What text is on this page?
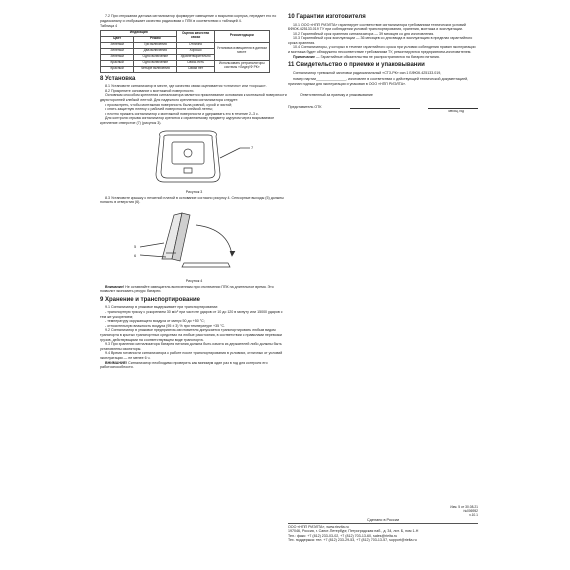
7.2 При отпускании датчика сигнализатор формирует извещение о вскрытии корпуса, передает его по радиоканалу и отображает качество радиосвязи с ППК в соответствии с таблицей 4.

Таблица 4

Индикация		Оценка качества связи	Рекомендации
Цвет	Режим		
Зеленый	Три включения	Отлично	Установка извещателя в данном месте
Зеленый	Два включения	Хорошо	
Зеленый	Одно включение	Удовлетворительно	
Красный	Одно включение	Связь есть	Использовать ретрансляторы системы «Лидер'Ф РК»
Красный	Четыре включения	Связи нет	
8 Установка

8.1 Установите сигнализатор в месте, где качество связи оценивается «отлично» или «хорошо».

8.2 Прикрепите основание к монтажной поверхности.

Основным способом крепления сигнализатора является приклеивание основания к монтажной поверхности двухсторонней клейкой лентой. Для надежного крепления сигнализатора следует:

• просмотреть, чтобы монтажная поверхность была ровной, сухой и чистой;

• снять защитную пленку с рабочей поверхности клейкой ленты;

• плотно прижать сигнализатор к монтажной поверхности и удерживать его в течение 2–3 с.

Для контроля отрыва сигнализатор крепится к охранняемому предмету шурупом через вскрываемое крепление отверстие (7) (рисунок 3).

7
Рисунок 3

8.3 Установите крышку с печатной платой в основание согласно рисунку 4. Сенсорные выходы (5) должны попасть в отверстия (6).

5
6
Рисунок 4

Внимание! Не оставляйте извещатель включенным при отключении ППК на длительное время. Это позволит экономить ресурс батареи.

9 Хранение и транспортирование

9.1 Сигнализатор в упаковке выдерживает при транспортировании:

- транспортную тряску с ускорением 30 м/с² при частоте ударов от 10 до 120 в минуту или 15000 ударов с тем же ускорением;

- температуру окружающего воздуха от минус 50 до +50 °С;

- относительную влажность воздуха (95 ± 3) % при температуре +35 °С.

9.2 Сигнализатор в упаковке предприятия-изготовителя допускается транспортировать любым видом транспорта в крытых транспортных средствах на любые расстояния, в соответствии с правилами перевозки грузов, действующими на соответствующем виде транспорта.

9.3 При хранении сигнализатора батарея питания должна быть изъята из держателей либо должны быть установлены изоляторы.

9.4 Время готовности сигнализатора к работе после транспортирования в условиях, отличных от условий эксплуатации — не менее 6 ч.

ВНИМАНИЕ! Сигнализатор необходимо проверить как минимум один раз в год для контроля его работоспособности.

10 Гарантии изготовителя

10.1 ООО «НПП РИЭЛТА» гарантирует соответствие сигнализатора требованиям технических условий БФЮК.425133.019 ТУ при соблюдении условий транспортирования, хранения, монтажа и эксплуатации.

10.2 Гарантийный срок хранения сигнализатора — 39 месяцев со дня изготовления.

10.3 Гарантийный срок эксплуатации — 36 месяцев со дня ввода в эксплуатацию в пределах гарантийного срока хранения.

10.4 Сигнализаторы, у которых в течение гарантийного срока при условии соблюдения правил эксплуатации и монтажа будет обнаружено несоответствие требованиям ТУ, ремонтируются предприятием-изготовителем.

Примечание — Гарантийные обязательства не распространяются на батареи питания.

11 Свидетельство о приемке и упаковывании

Сигнализатор тревожной заготовки радиоканальный «СТЗ-РК» исп.1 БФЮК.425133.019,

номер партии_______________, изготовлен в соответствии с действующей технической документацией, признан годным для эксплуатации и упакован в ООО «НПП РИЭЛТА».

Ответственный за приемку и упаковывание

Представитель ОТК

месяц, год

Изм. 5 от 30.08.21
№006952
v.10.1
Сделано в России

ООО «НПП РИЭЛТА», www.riezlta.ru

197046, Россия, г. Санкт-Петербург, Петроградская наб., д. 34, лит. Б, пом 1-Н

Тел.: факс: +7 (812) 233-03-02, +7 (812) 703-13-60, sales@rielta.ru

Тех. поддержка: тел. +7 (812) 233-29-53, +7 (812) 703-13-57, support@rielta.ru
